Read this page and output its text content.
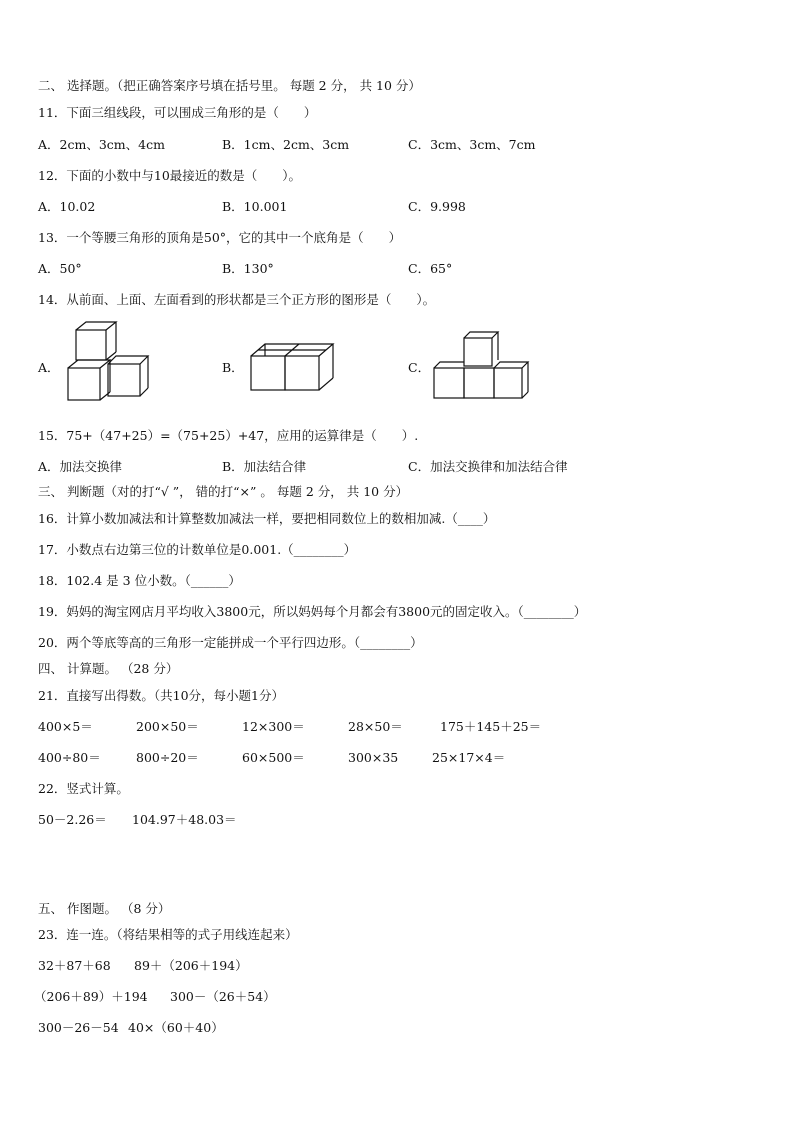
二、 选择题。（把正确答案序号填在括号里。 每题 2 分， 共 10 分）
11．下面三组线段，可以围成三角形的是（　　）
A．2cm、3cm、4cm	B．1cm、2cm、3cm	C．3cm、3cm、7cm
12．下面的小数中与10最接近的数是（　　）。
A．10.02	B．10.001	C．9.998
13．一个等腰三角形的顶角是50°，它的其中一个底角是（　　）
A．50°	B．130°	C．65°
14．从前面、上面、左面看到的形状都是三个正方形的图形是（　　）。
A．	B．	C．
15．75+（47+25）=（75+25）+47，应用的运算律是（　　）.
A．加法交换律	B．加法结合律	C．加法交换律和加法结合律
三、 判断题（对的打“√ ”， 错的打“×” 。 每题 2 分， 共 10 分）
16．计算小数加减法和计算整数加减法一样，要把相同数位上的数相加减.（____）
17．小数点右边第三位的计数单位是0.001.（________）
18．102.4 是 3 位小数。（______）
19．妈妈的淘宝网店月平均收入3800元，所以妈妈每个月都会有3800元的固定收入。（________）
20．两个等底等高的三角形一定能拼成一个平行四边形。（________）
四、 计算题。 （28 分）
21．直接写出得数。（共10分，每小题1分）
400×5＝	200×50＝	12×300＝	28×50＝	175＋145＋25＝
400÷80＝	800÷20＝	60×500＝	300×35	25×17×4＝
22．竖式计算。
50－2.26＝ 104.97＋48.03＝
五、 作图题。 （8 分）
23．连一连。（将结果相等的式子用线连起来）
32＋87＋68 89＋（206＋194）
（206＋89）＋194 300－（26＋54）
300－26－54 40×（60＋40）
